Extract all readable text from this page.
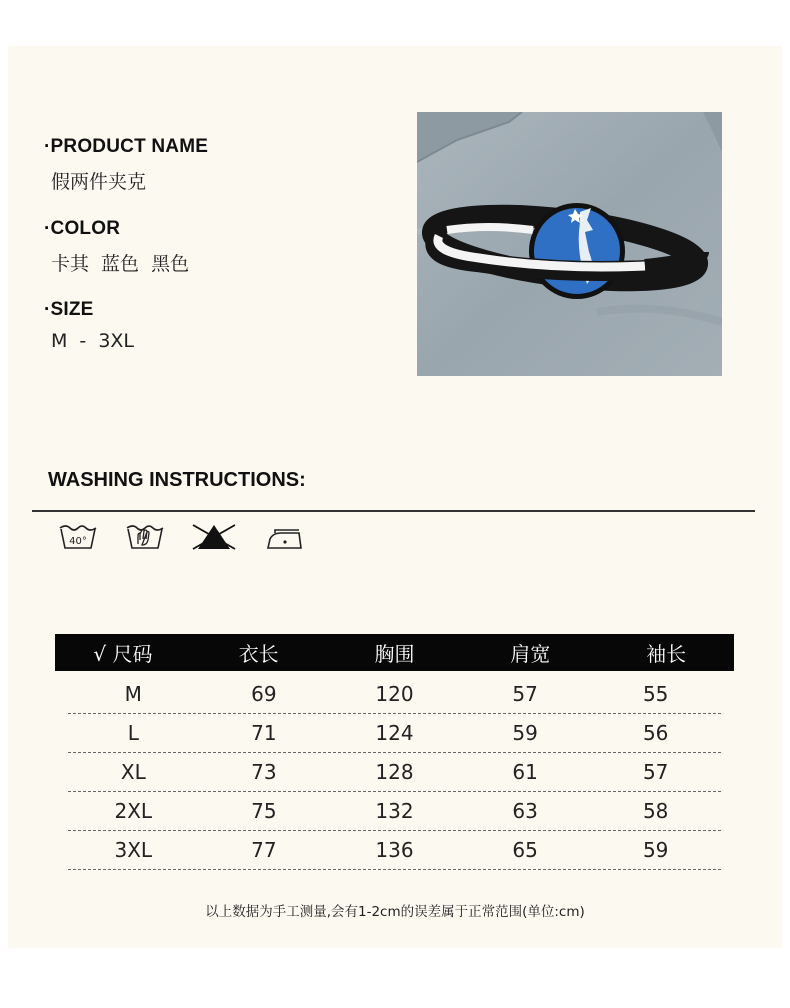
·PRODUCT NAME
假两件夹克
·COLOR
卡其 蓝色 黑色
·SIZE
M - 3XL
WASHING INSTRUCTIONS:
40°
√ 尺码	衣长	胸围	肩宽	袖长
M	69	120	57	55
L	71	124	59	56
XL	73	128	61	57
2XL	75	132	63	58
3XL	77	136	65	59
以上数据为手工测量,会有1-2cm的误差属于正常范围(单位:cm)
